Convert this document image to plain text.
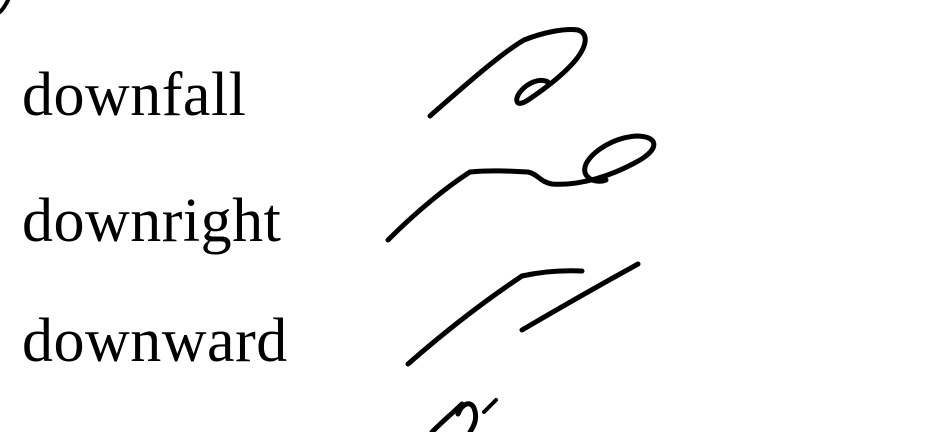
downfall
downright
downward
